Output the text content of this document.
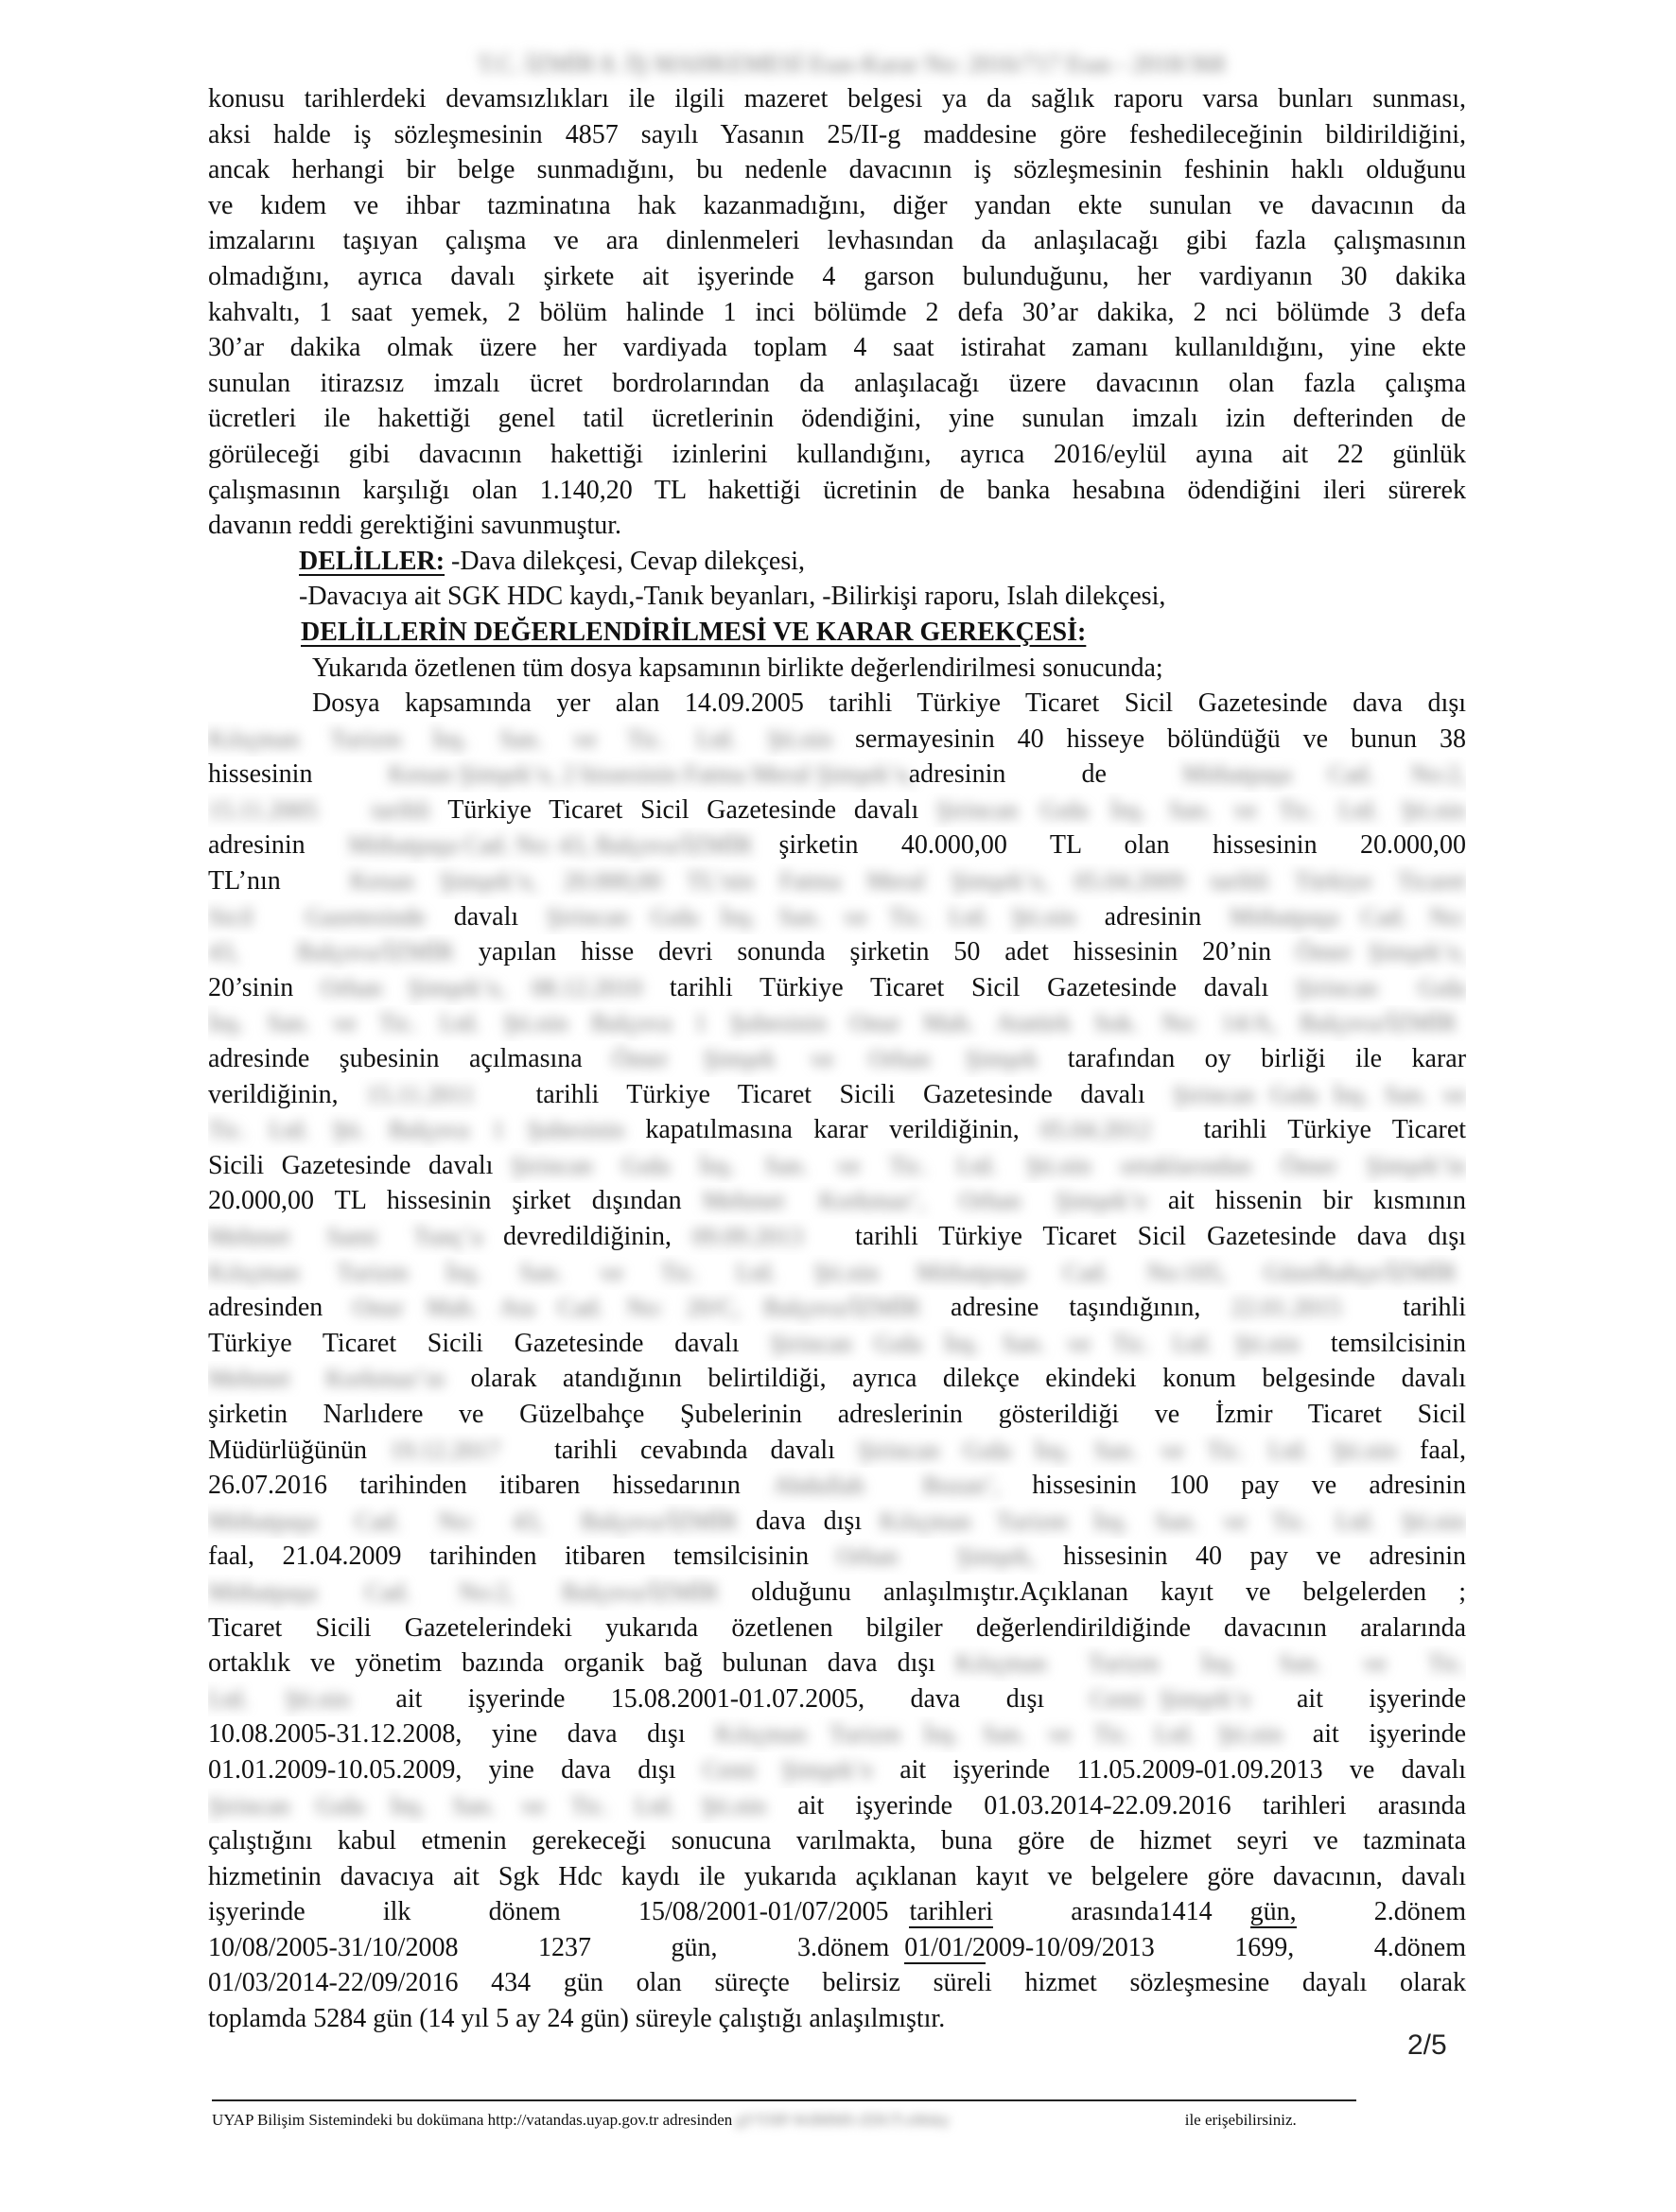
T.C. İZMİR 8. İŞ MAHKEMESİ Esas-Karar No: 2016/717 Esas - 2018/368
konusu tarihlerdeki devamsızlıkları ile ilgili mazeret belgesi ya da sağlık raporu varsa bunları sunması,
aksi halde iş sözleşmesinin 4857 sayılı Yasanın 25/II-g maddesine göre feshedileceğinin bildirildiğini,
ancak herhangi bir belge sunmadığını, bu nedenle davacının iş sözleşmesinin feshinin haklı olduğunu
ve kıdem ve ihbar tazminatına hak kazanmadığını, diğer yandan ekte sunulan ve davacının da
imzalarını taşıyan çalışma ve ara dinlenmeleri levhasından da anlaşılacağı gibi fazla çalışmasının
olmadığını, ayrıca davalı şirkete ait işyerinde 4 garson bulunduğunu, her vardiyanın 30 dakika
kahvaltı, 1 saat yemek, 2 bölüm halinde 1 inci bölümde 2 defa 30’ar dakika, 2 nci bölümde 3 defa
30’ar dakika olmak üzere her vardiyada toplam 4 saat istirahat zamanı kullanıldığını, yine ekte
sunulan itirazsız imzalı ücret bordrolarından da anlaşılacağı üzere davacının olan fazla çalışma
ücretleri ile hakettiği genel tatil ücretlerinin ödendiğini, yine sunulan imzalı izin defterinden de
görüleceği gibi davacının hakettiği izinlerini kullandığını, ayrıca 2016/eylül ayına ait 22 günlük
çalışmasının karşılığı olan 1.140,20 TL hakettiği ücretinin de banka hesabına ödendiğini ileri sürerek
davanın reddi gerektiğini savunmuştur.
DELİLLER: -Dava dilekçesi, Cevap dilekçesi,
-Davacıya ait SGK HDC kaydı,-Tanık beyanları, -Bilirkişi raporu, Islah dilekçesi,
DELİLLERİN DEĞERLENDİRİLMESİ VE KARAR GEREKÇESİ:
Yukarıda özetlenen tüm dosya kapsamının birlikte değerlendirilmesi sonucunda;
Dosya kapsamında yer alan 14.09.2005 tarihli Türkiye Ticaret Sicil Gazetesinde dava dışı
Kılıçman Turizm İnş. San. ve Tic. Ltd. Şti.nin sermayesinin 40 hisseye bölündüğü ve bunun 38
hissesinin	Kenan Şimşek’e, 2 hissesinin Fatma Meral Şimşek’e, adresinin de	Mithatpaşa Cad. No:2,
15.11.2005 tarihli Türkiye Ticaret Sicil Gazetesinde davalı Şirincan Gıda İnş. San. ve Tic. Ltd. Şti.nin
adresinin Mithatpaşa Cad. No: 43, Balçova/İZMİR şirketin 40.000,00 TL olan hissesinin 20.000,00
TL’nın	Kenan Şimşek’e, 20.000,00 TL’nin Fatma Meral Şimşek’e, 05.04.2009 tarihli Türkiye Ticaret
Sicil Gazetesinde davalı Şirincan Gıda İnş. San. ve Tic. Ltd. Şti.nin adresinin Mithatpaşa Cad. No:
43, Balçova/İZMİR yapılan hisse devri sonunda şirketin 50 adet hissesinin 20’nin Ömer Şimşek’e,
20’sinin Orhan Şimşek’e, 08.12.2010 tarihli Türkiye Ticaret Sicil Gazetesinde davalı Şirincan Gıda
İnş. San. ve Tic. Ltd. Şti.nin Balçova 1 Şubesinin Onur Mah. Atatürk Sok. No: 14/A, Balçova/İZMİR
adresinde şubesinin açılmasına Ömer Şimşek ve Orhan Şimşek tarafından oy birliği ile karar
verildiğinin, 15.11.2011 tarihli Türkiye Ticaret Sicili Gazetesinde davalı Şirincan Gıda İnş. San. ve
Tic. Ltd. Şti. Balçova 1 Şubesinin kapatılmasına karar verildiğinin, 05.04.2012 tarihli Türkiye Ticaret
Sicili Gazetesinde davalı Şirincan Gıda İnş. San. ve Tic. Ltd. Şti.nin ortaklarından Ömer Şimşek’in
20.000,00 TL hissesinin şirket dışından Mehmet Korkmaz’, Orhan Şimşek’e ait hissenin bir kısmının
Mehmet Sami Tunç’a devredildiğinin, 09.09.2013 tarihli Türkiye Ticaret Sicil Gazetesinde dava dışı
Kılıçman Turizm İnş. San. ve Tic. Ltd. Şti.nin Mithatpaşa Cad. No:105, Güzelbahçe/İZMİR
adresinden Onur Mah. Ata Cad. No: 20/C, Balçova/İZMİR adresine taşındığının, 22.01.2015 tarihli
Türkiye Ticaret Sicili Gazetesinde davalı Şirincan Gıda İnş. San. ve Tic. Ltd. Şti.nin temsilcisinin
Mehmet Korkmaz’ın olarak atandığının belirtildiği, ayrıca dilekçe ekindeki konum belgesinde davalı
şirketin Narlıdere ve Güzelbahçe Şubelerinin adreslerinin gösterildiği ve İzmir Ticaret Sicil
Müdürlüğünün 19.12.2017 tarihli cevabında davalı Şirincan Gıda İnş. San. ve Tic. Ltd. Şti.nin faal,
26.07.2016 tarihinden itibaren hissedarının Abdullah Bozan’, hissesinin 100 pay ve adresinin
Mithatpaşa Cad. No: 43, Balçova/İZMİR dava dışı Kılıçman Turizm İnş. San. ve Tic. Ltd. Şti.nin
faal, 21.04.2009 tarihinden itibaren temsilcisinin Orhan Şimşek, hissesinin 40 pay ve adresinin
Mithatpaşa Cad. No:2, Balçova/İZMİR olduğunu anlaşılmıştır.Açıklanan kayıt ve belgelerden ;
Ticaret Sicili Gazetelerindeki yukarıda özetlenen bilgiler değerlendirildiğinde davacının aralarında
ortaklık ve yönetim bazında organik bağ bulunan dava dışı Kılıçman Turizm İnş. San. ve Tic.
Ltd. Şti.nin ait işyerinde 15.08.2001-01.07.2005, dava dışı Cemi Şimşek’e ait işyerinde
10.08.2005-31.12.2008, yine dava dışı Kılıçman Turizm İnş. San. ve Tic. Ltd. Şti.nin ait işyerinde
01.01.2009-10.05.2009, yine dava dışı Cemi Şimşek’e ait işyerinde 11.05.2009-01.09.2013 ve davalı
Şirincan Gıda İnş. San. ve Tic. Ltd. Şti.nin ait işyerinde 01.03.2014-22.09.2016 tarihleri arasında
çalıştığını kabul etmenin gerekeceği sonucuna varılmakta, buna göre de hizmet seyri ve tazminata
hizmetinin davacıya ait Sgk Hdc kaydı ile yukarıda açıklanan kayıt ve belgelere göre davacının, davalı
işyerinde ilk dönem 15/08/2001-01/07/2005 tarihleri arasında1414 gün, 2.dönem
10/08/2005-31/10/2008 1237 gün, 3.dönem 01/01/2009-10/09/2013 1699, 4.dönem
01/03/2014-22/09/2016 434 gün olan süreçte belirsiz süreli hizmet sözleşmesine dayalı olarak
toplamda 5284 gün (14 yıl 5 ay 24 gün) süreyle çalıştığı anlaşılmıştır.
2/5
UYAP Bilişim Sistemindeki bu dokümana http://vatandas.uyap.gov.tr adresinden gVYHP-WdMMS-ZDUT-zMsky	ile erişebilirsiniz.
